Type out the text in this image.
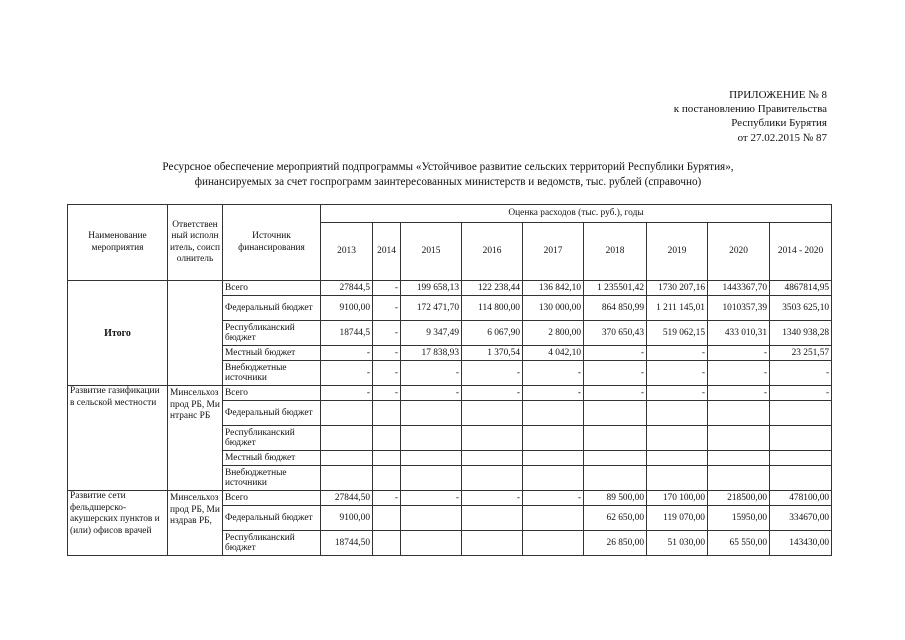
ПРИЛОЖЕНИЕ № 8
к постановлению Правительства
Республики Бурятия
от 27.02.2015 № 87
Ресурсное обеспечение мероприятий подпрограммы «Устойчивое развитие сельских территорий Республики Бурятия»,
финансируемых за счет госпрограмм заинтересованных министерств и ведомств, тыс. рублей (справочно)
Наименование мероприятия	Ответственный исполнитель, соисполнитель	Источник финансирования	Оценка расходов (тыс. руб.), годы								
			2013	2014	2015	2016	2017	2018	2019	2020	2014 - 2020
Итого		Всего	27844,5	-	199 658,13	122 238,44	136 842,10	1 235501,42	1730 207,16	1443367,70	4867814,95
		Федеральный бюджет	9100,00	-	172 471,70	114 800,00	130 000,00	864 850,99	1 211 145,01	1010357,39	3503 625,10
		Республиканский бюджет	18744,5	-	9 347,49	6 067,90	2 800,00	370 650,43	519 062,15	433 010,31	1340 938,28
		Местный бюджет	-	-	17 838,93	1 370,54	4 042,10	-	-	-	23 251,57
		Внебюджетные источники	-	-	-	-	-	-	-	-	-
Развитие газификации в сельской местности	Минсельхозпрод РБ, Минтранс РБ	Всего	-	-	-	-	-	-	-	-	-
		Федеральный бюджет									
		Республиканский бюджет									
		Местный бюджет									
		Внебюджетные источники									
Развитие сети фельдшерско-акушерских пунктов и (или) офисов врачей	Минсельхозпрод РБ, Минздрав РБ,	Всего	27844,50	-	-	-	-	89 500,00	170 100,00	218500,00	478100,00
		Федеральный бюджет	9100,00					62 650,00	119 070,00	15950,00	334670,00
		Республиканский бюджет	18744,50					26 850,00	51 030,00	65 550,00	143430,00
